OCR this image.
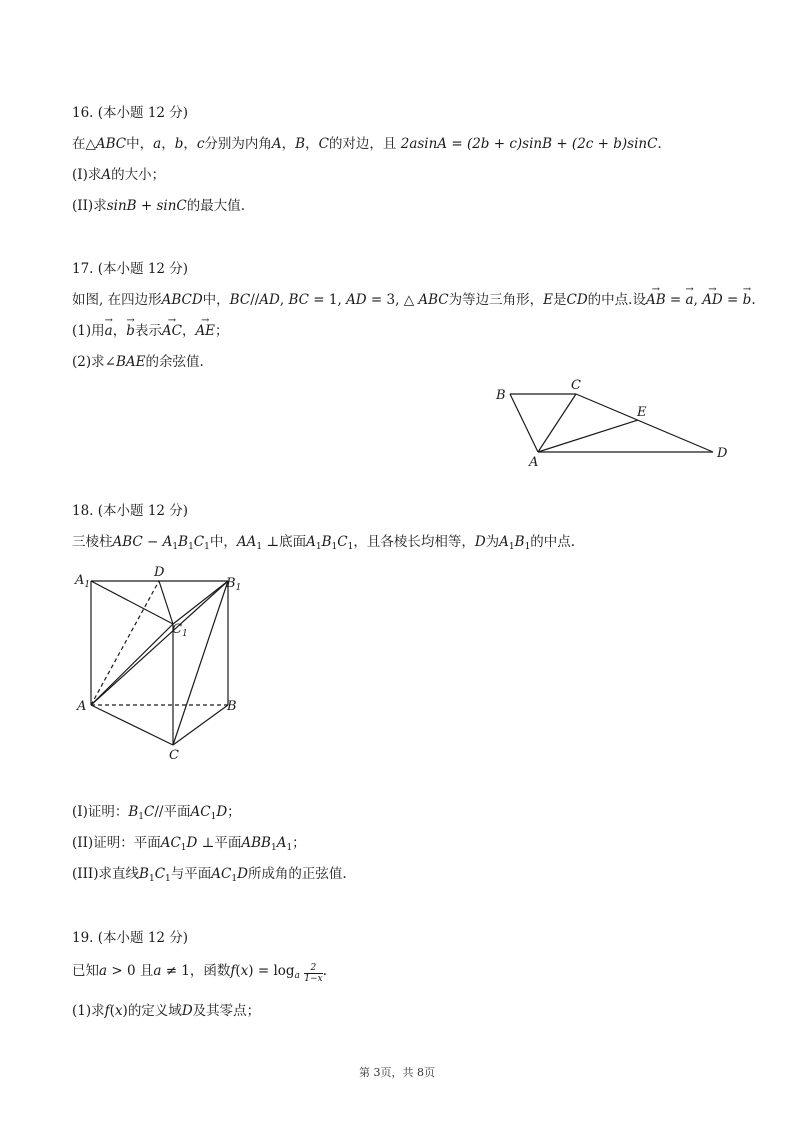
16. (本小题 12 分)

在△ABC中，a，b，c分别为内角A，B，C的对边，且 2asinA = (2b + c)sinB + (2c + b)sinC.

(I)求A的大小；

(II)求sinB + sinC的最大值.

17. (本小题 12 分)

如图, 在四边形ABCD中，BC//AD, BC = 1, AD = 3, △ ABC为等边三角形，E是CD的中点.设→ AB = → a, → AD = → b.

(1)用→ a，→ b表示→ AC，→ AE；

(2)求∠BAE的余弦值.

B
C
E
D
A

18. (本小题 12 分)

三棱柱ABC − $A_1B_1C_1$中，$AA_1$ ⊥底面$A_1B_1C_1$，且各棱长均相等，D为$A_1B_1$的中点.

$A_1$
D
$B_1$
$C_1$
A	B
C

(I)证明：$B_1C//$平面$AC_1D$；

(II)证明：平面$AC_1D$ ⊥平面$ABB_1A_1$；

(III)求直线$B_1C_1$与平面$AC_1D$所成角的正弦值.

19. (本小题 12 分)

已知a > 0 且a ≠ 1，函数$f(x) = \log_a \frac{2}{1-x}$ .

(1)求f(x)的定义域D及其零点；

第 3页，共 8页
